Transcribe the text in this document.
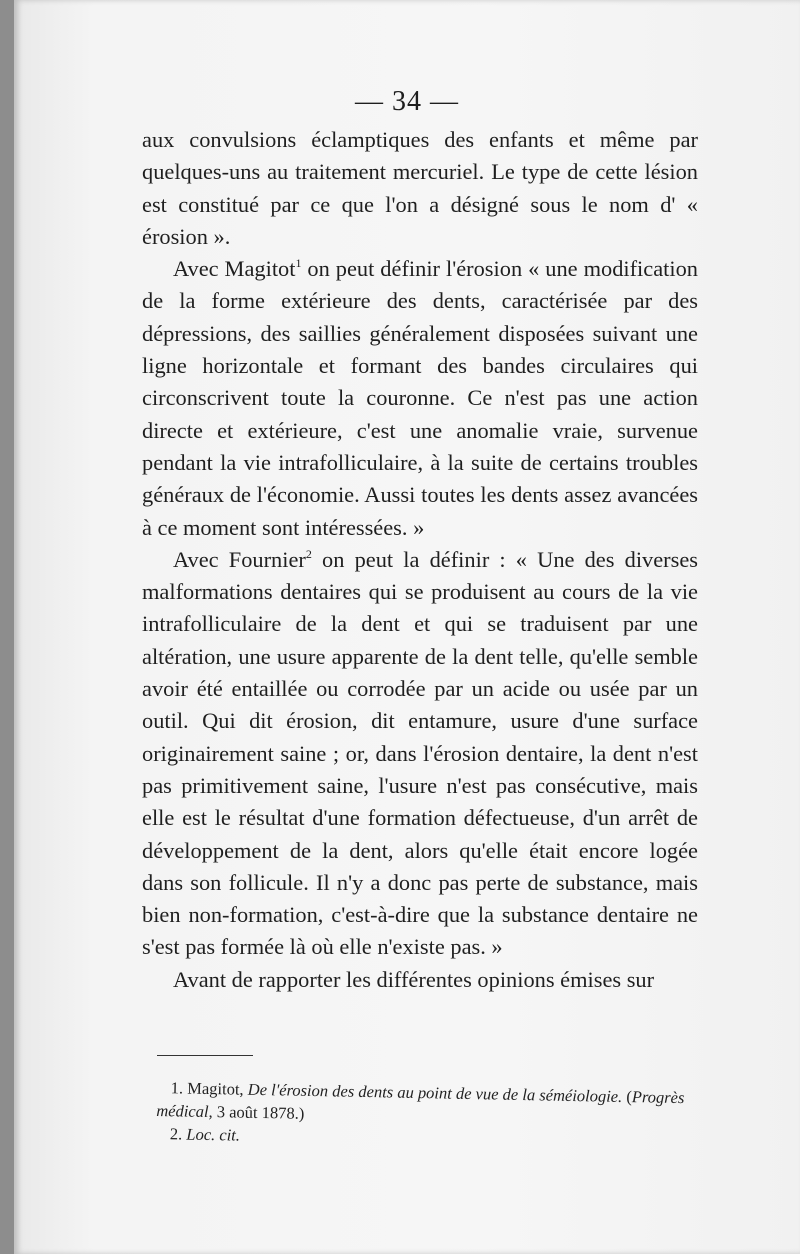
— 34 —

aux convulsions éclamptiques des enfants et même par quelques-uns au traitement mercuriel. Le type de cette lésion est constitué par ce que l'on a désigné sous le nom d' « érosion ».

Avec Magitot$^1$ on peut définir l'érosion « une modification de la forme extérieure des dents, caractérisée par des dépressions, des saillies généralement disposées suivant une ligne horizontale et formant des bandes circulaires qui circonscrivent toute la couronne. Ce n'est pas une action directe et extérieure, c'est une anomalie vraie, survenue pendant la vie intrafolliculaire, à la suite de certains troubles généraux de l'économie. Aussi toutes les dents assez avancées à ce moment sont intéressées. »

Avec Fournier$^2$ on peut la définir : « Une des diverses malformations dentaires qui se produisent au cours de la vie intrafolliculaire de la dent et qui se traduisent par une altération, une usure apparente de la dent telle, qu'elle semble avoir été entaillée ou corrodée par un acide ou usée par un outil. Qui dit érosion, dit entamure, usure d'une surface originairement saine ; or, dans l'érosion dentaire, la dent n'est pas primitivement saine, l'usure n'est pas consécutive, mais elle est le résultat d'une formation défectueuse, d'un arrêt de développement de la dent, alors qu'elle était encore logée dans son follicule. Il n'y a donc pas perte de substance, mais bien non-formation, c'est-à-dire que la substance dentaire ne s'est pas formée là où elle n'existe pas. »

Avant de rapporter les différentes opinions émises sur

1. Magitot, De l'érosion des dents au point de vue de la séméiologie. (Progrès médical, 3 août 1878.)

2. Loc. cit.
